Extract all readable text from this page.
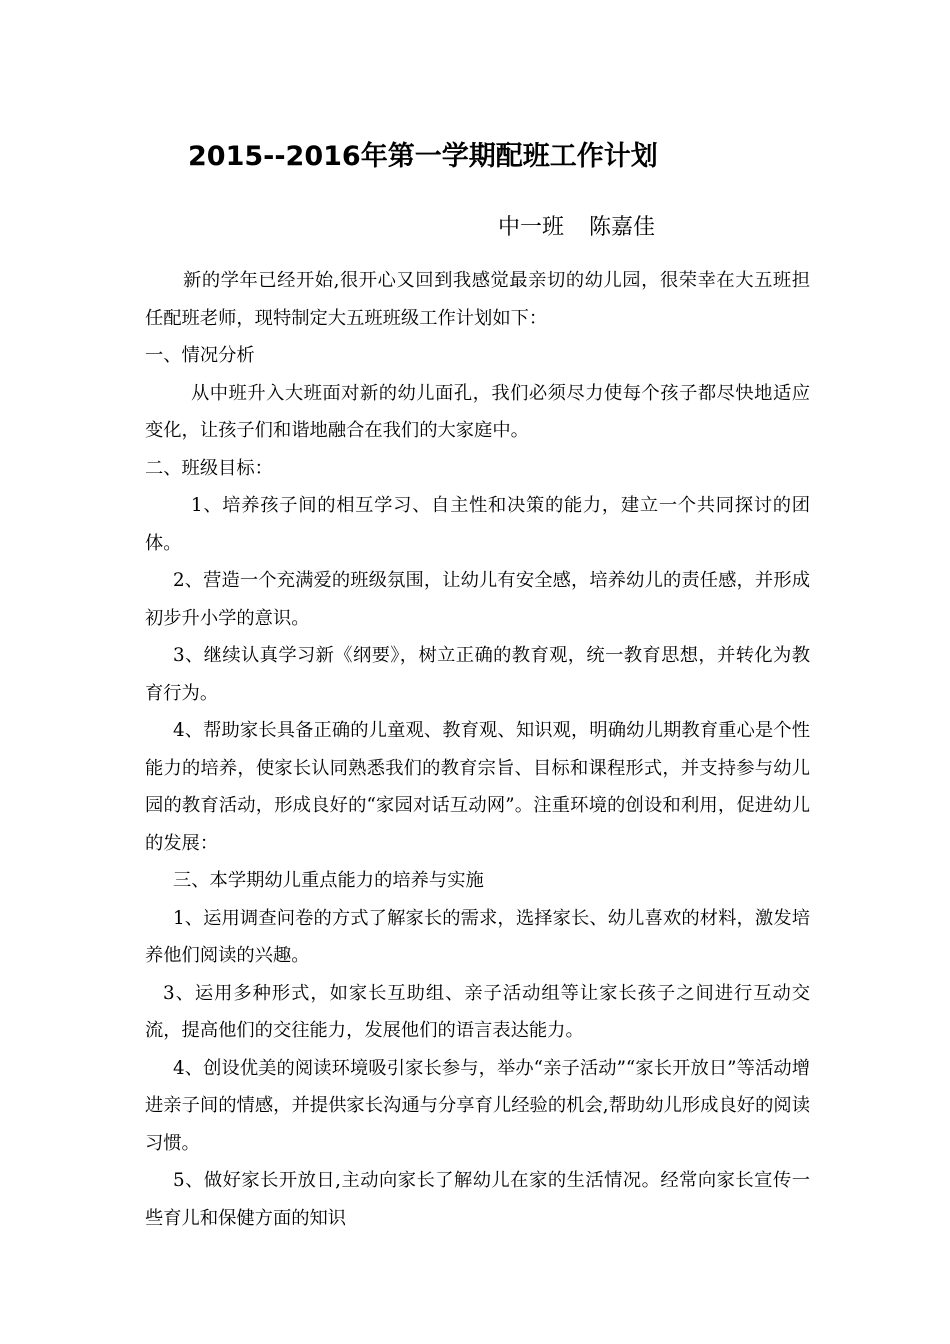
2015--2016年第一学期配班工作计划
中一班 陈嘉佳

新的学年已经开始,很开心又回到我感觉最亲切的幼儿园，很荣幸在大五班担任配班老师，现特制定大五班班级工作计划如下：

一、情况分析

从中班升入大班面对新的幼儿面孔，我们必须尽力使每个孩子都尽快地适应变化，让孩子们和谐地融合在我们的大家庭中。

二、班级目标：

1、培养孩子间的相互学习、自主性和决策的能力，建立一个共同探讨的团体。

2、营造一个充满爱的班级氛围，让幼儿有安全感，培养幼儿的责任感，并形成初步升小学的意识。

3、继续认真学习新《纲要》，树立正确的教育观，统一教育思想，并转化为教育行为。

4、帮助家长具备正确的儿童观、教育观、知识观，明确幼儿期教育重心是个性能力的培养，使家长认同熟悉我们的教育宗旨、目标和课程形式，并支持参与幼儿园的教育活动，形成良好的“家园对话互动网”。注重环境的创设和利用，促进幼儿的发展：

三、本学期幼儿重点能力的培养与实施

1、运用调查问卷的方式了解家长的需求，选择家长、幼儿喜欢的材料，激发培养他们阅读的兴趣。

3、运用多种形式，如家长互助组、亲子活动组等让家长孩子之间进行互动交流，提高他们的交往能力，发展他们的语言表达能力。

4、创设优美的阅读环境吸引家长参与，举办“亲子活动”“家长开放日”等活动增进亲子间的情感，并提供家长沟通与分享育儿经验的机会,帮助幼儿形成良好的阅读习惯。

5、做好家长开放日,主动向家长了解幼儿在家的生活情况。经常向家长宣传一些育儿和保健方面的知识
